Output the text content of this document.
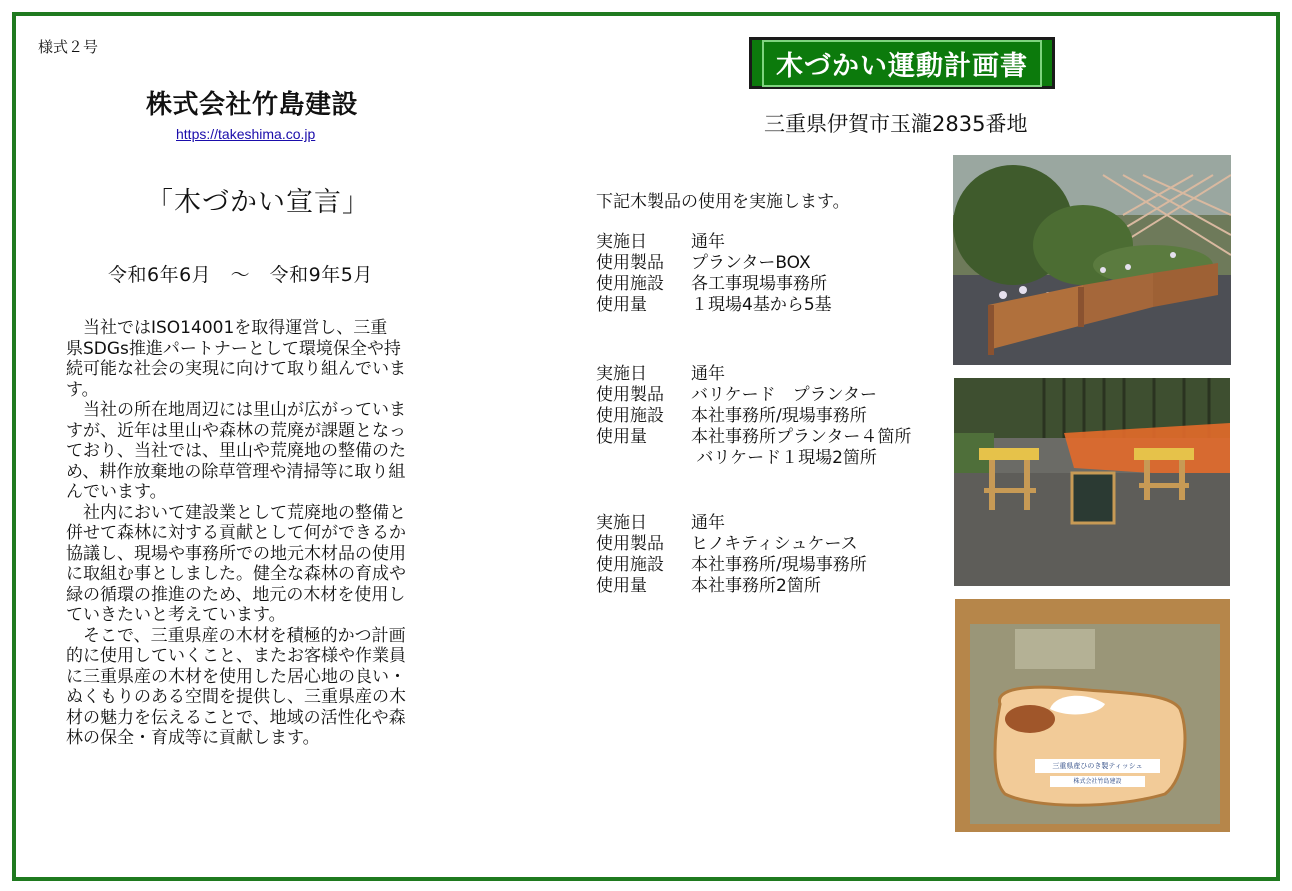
様式２号
株式会社竹島建設
https://takeshima.co.jp
「木づかい宣言」
令和6年6月　～　令和9年5月
　当社ではISO14001を取得運営し、三重
県SDGs推進パートナーとして環境保全や持
続可能な社会の実現に向けて取り組んでいま
す。
　当社の所在地周辺には里山が広がっていま
すが、近年は里山や森林の荒廃が課題となっ
ており、当社では、里山や荒廃地の整備のた
め、耕作放棄地の除草管理や清掃等に取り組
んでいます。
　社内において建設業として荒廃地の整備と
併せて森林に対する貢献として何ができるか
協議し、現場や事務所での地元木材品の使用
に取組む事としました。健全な森林の育成や
緑の循環の推進のため、地元の木材を使用し
ていきたいと考えています。
　そこで、三重県産の木材を積極的かつ計画
的に使用していくこと、またお客様や作業員
に三重県産の木材を使用した居心地の良い・
ぬくもりのある空間を提供し、三重県産の木
材の魅力を伝えることで、地域の活性化や森
林の保全・育成等に貢献します。
木づかい運動計画書
三重県伊賀市玉瀧2835番地
下記木製品の使用を実施します。
実施日	通年
使用製品	プランターBOX
使用施設	各工事現場事務所
使用量	１現場4基から5基
実施日	通年
使用製品	バリケード　プランター
使用施設	本社事務所/現場事務所
使用量	本社事務所プランター４箇所
バリケード１現場2箇所
実施日	通年
使用製品	ヒノキティシュケース
使用施設	本社事務所/現場事務所
使用量	本社事務所2箇所
三重県産ひのき製ティッシュ
株式会社竹島建設
